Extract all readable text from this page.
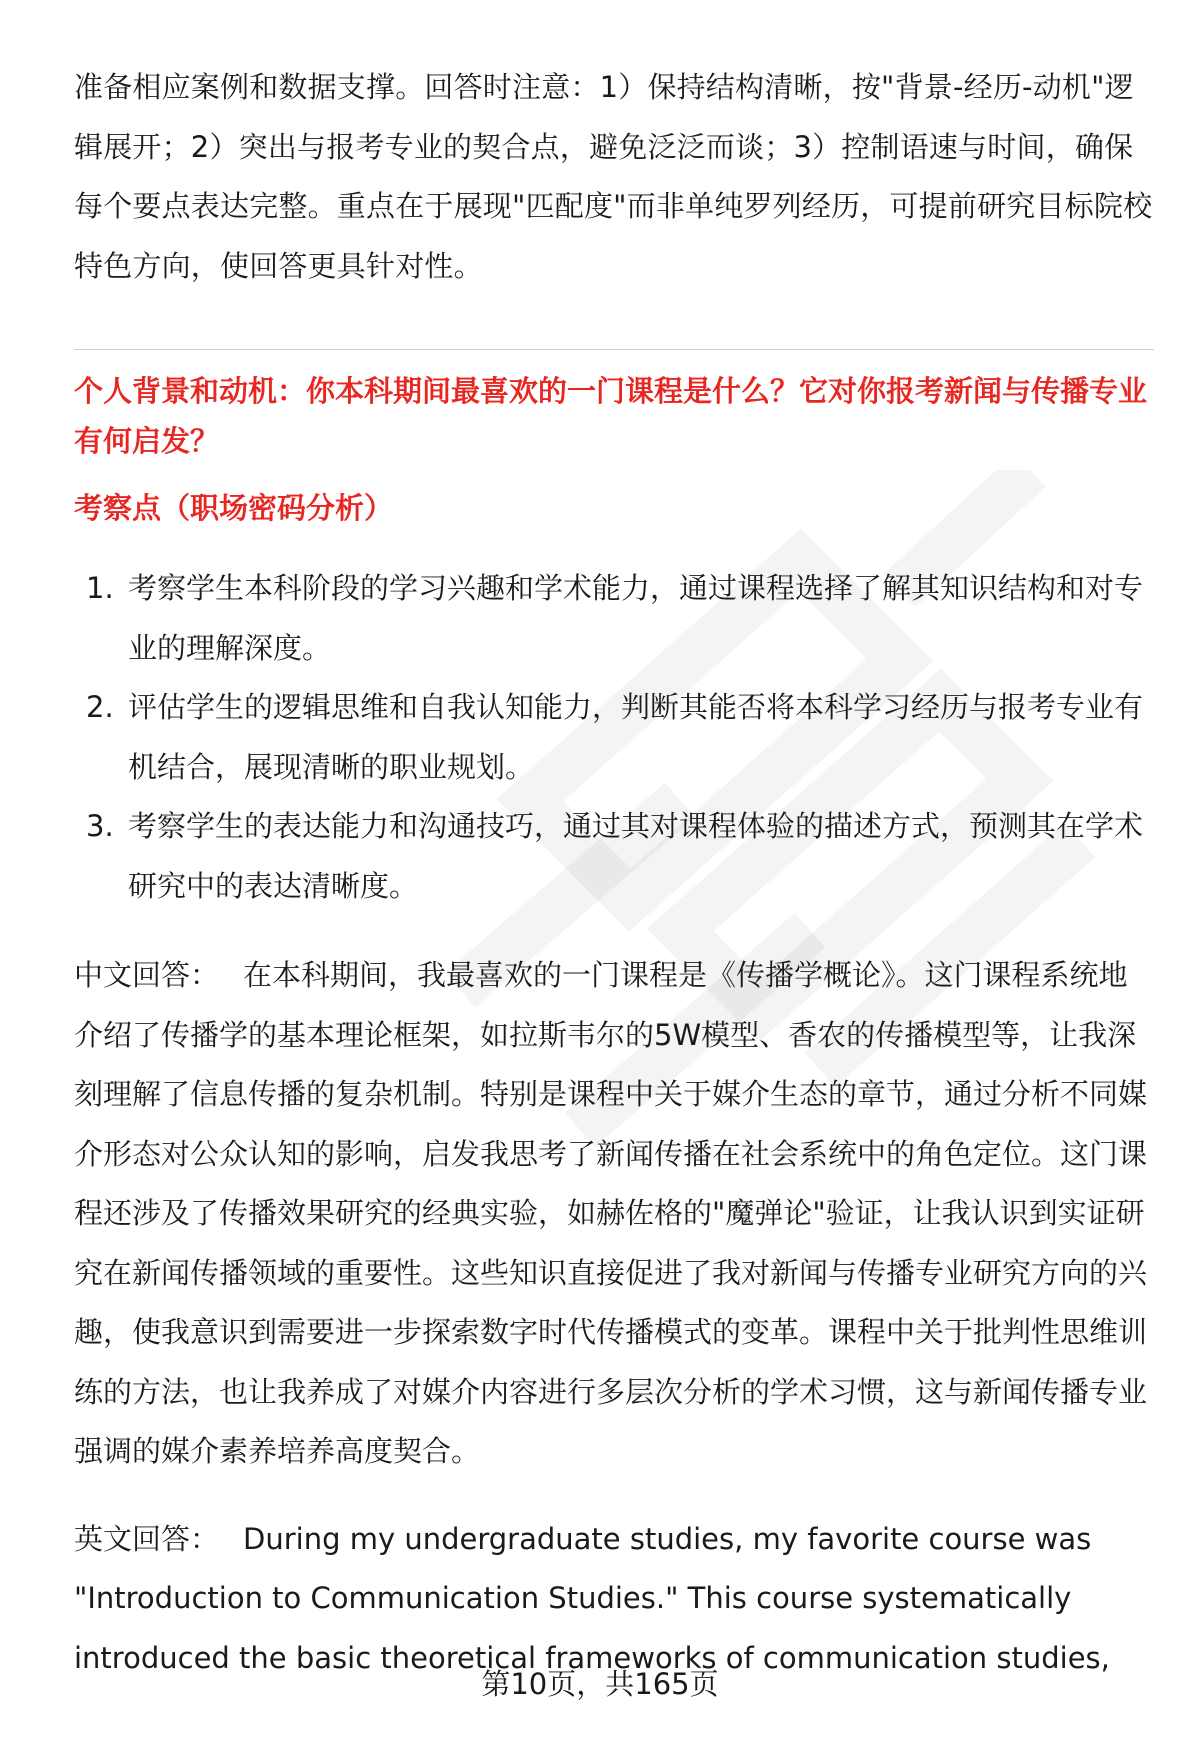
准备相应案例和数据支撑。回答时注意：1）保持结构清晰，按"背景-经历-动机"逻辑展开；2）突出与报考专业的契合点，避免泛泛而谈；3）控制语速与时间，确保每个要点表达完整。重点在于展现"匹配度"而非单纯罗列经历，可提前研究目标院校特色方向，使回答更具针对性。

个人背景和动机：你本科期间最喜欢的一门课程是什么？它对你报考新闻与传播专业有何启发？
考察点（职场密码分析）
1. 考察学生本科阶段的学习兴趣和学术能力，通过课程选择了解其知识结构和对专业的理解深度。
2. 评估学生的逻辑思维和自我认知能力，判断其能否将本科学习经历与报考专业有机结合，展现清晰的职业规划。
3. 考察学生的表达能力和沟通技巧，通过其对课程体验的描述方式，预测其在学术研究中的表达清晰度。

中文回答： 在本科期间，我最喜欢的一门课程是《传播学概论》。这门课程系统地介绍了传播学的基本理论框架，如拉斯韦尔的5W模型、香农的传播模型等，让我深刻理解了信息传播的复杂机制。特别是课程中关于媒介生态的章节，通过分析不同媒介形态对公众认知的影响，启发我思考了新闻传播在社会系统中的角色定位。这门课程还涉及了传播效果研究的经典实验，如赫佐格的"魔弹论"验证，让我认识到实证研究在新闻传播领域的重要性。这些知识直接促进了我对新闻与传播专业研究方向的兴趣，使我意识到需要进一步探索数字时代传播模式的变革。课程中关于批判性思维训练的方法，也让我养成了对媒介内容进行多层次分析的学术习惯，这与新闻传播专业强调的媒介素养培养高度契合。

英文回答： During my undergraduate studies, my favorite course was "Introduction to Communication Studies." This course systematically introduced the basic theoretical frameworks of communication studies,

第10页，共165页
